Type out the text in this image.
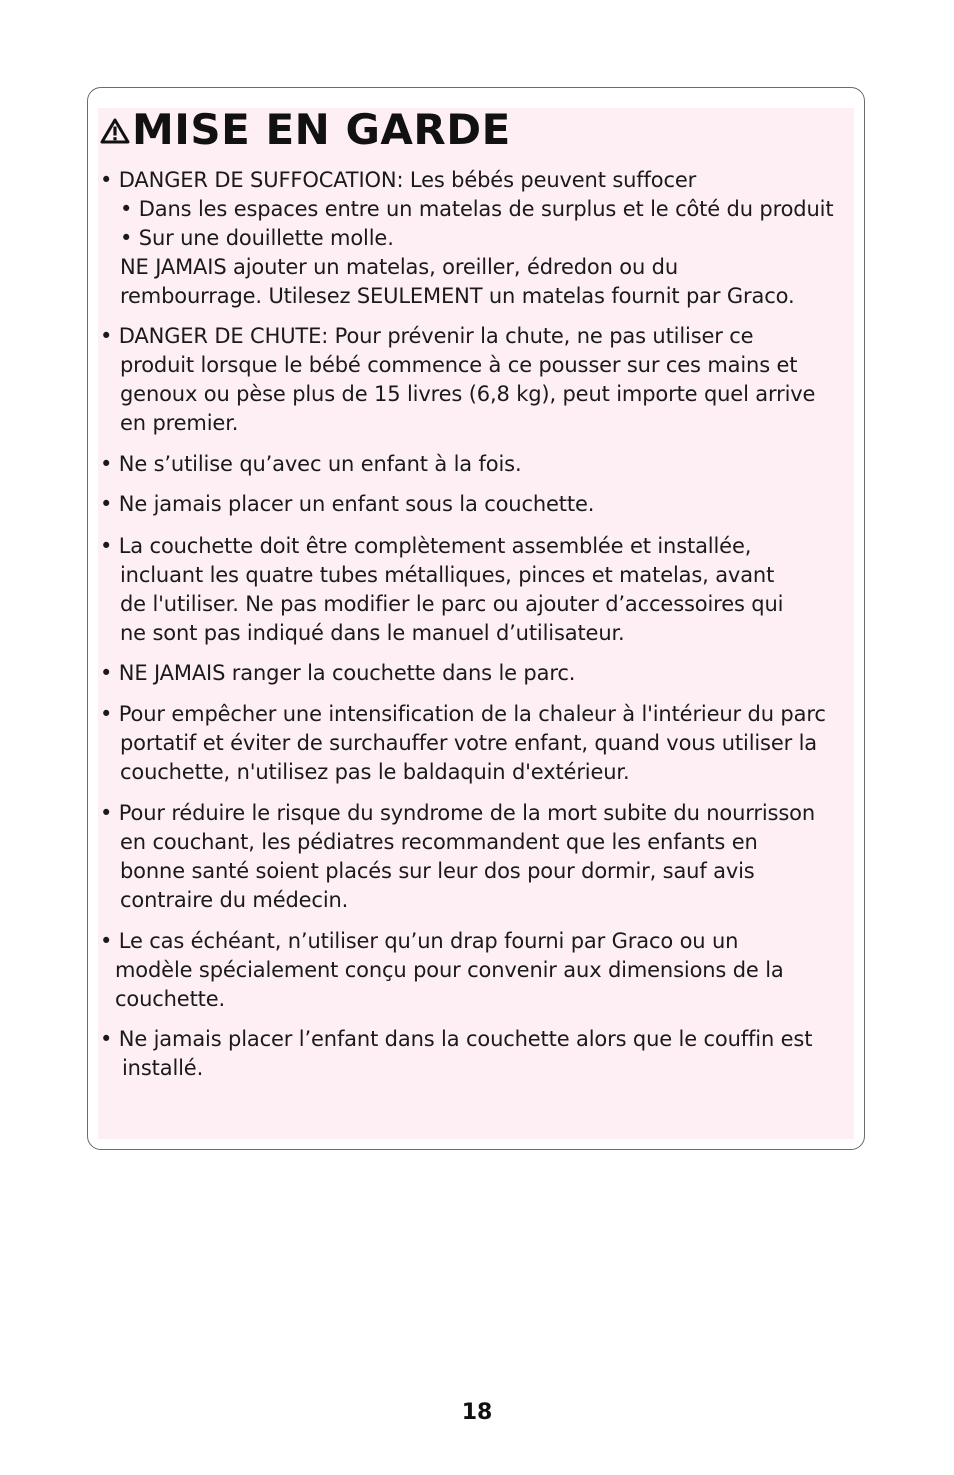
MISE EN GARDE
• DANGER DE SUFFOCATION: Les bébés peuvent suffocer
• Dans les espaces entre un matelas de surplus et le côté du produit
• Sur une douillette molle.
NE JAMAIS ajouter un matelas, oreiller, édredon ou du
rembourrage. Utilesez SEULEMENT un matelas fournit par Graco.
• DANGER DE CHUTE: Pour prévenir la chute, ne pas utiliser ce
produit lorsque le bébé commence à ce pousser sur ces mains et
genoux ou pèse plus de 15 livres (6,8 kg), peut importe quel arrive
en premier.
• Ne s’utilise qu’avec un enfant à la fois.
• Ne jamais placer un enfant sous la couchette.
• La couchette doit être complètement assemblée et installée,
incluant les quatre tubes métalliques, pinces et matelas, avant
de l'utiliser. Ne pas modifier le parc ou ajouter d’accessoires qui
ne sont pas indiqué dans le manuel d’utilisateur.
• NE JAMAIS ranger la couchette dans le parc.
• Pour empêcher une intensification de la chaleur à l'intérieur du parc
portatif et éviter de surchauffer votre enfant, quand vous utiliser la
couchette, n'utilisez pas le baldaquin d'extérieur.
• Pour réduire le risque du syndrome de la mort subite du nourrisson
en couchant, les pédiatres recommandent que les enfants en
bonne santé soient placés sur leur dos pour dormir, sauf avis
contraire du médecin.
• Le cas échéant, n’utiliser qu’un drap fourni par Graco ou un
modèle spécialement conçu pour convenir aux dimensions de la
couchette.
• Ne jamais placer l’enfant dans la couchette alors que le couffin est
installé.
18
